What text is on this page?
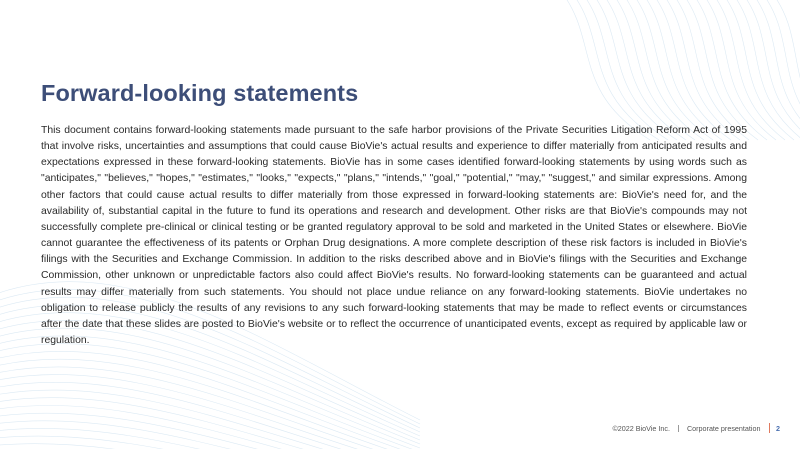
Forward-looking statements

This document contains forward-looking statements made pursuant to the safe harbor provisions of the Private Securities Litigation Reform Act of 1995 that involve risks, uncertainties and assumptions that could cause BioVie's actual results and experience to differ materially from anticipated results and expectations expressed in these forward-looking statements. BioVie has in some cases identified forward-looking statements by using words such as "anticipates," "believes," "hopes," "estimates," "looks," "expects," "plans," "intends," "goal," "potential," "may," "suggest," and similar expressions. Among other factors that could cause actual results to differ materially from those expressed in forward-looking statements are: BioVie's need for, and the availability of, substantial capital in the future to fund its operations and research and development. Other risks are that BioVie's compounds may not successfully complete pre-clinical or clinical testing or be granted regulatory approval to be sold and marketed in the United States or elsewhere. BioVie cannot guarantee the effectiveness of its patents or Orphan Drug designations. A more complete description of these risk factors is included in BioVie's filings with the Securities and Exchange Commission. In addition to the risks described above and in BioVie's filings with the Securities and Exchange Commission, other unknown or unpredictable factors also could affect BioVie's results. No forward-looking statements can be guaranteed and actual results may differ materially from such statements. You should not place undue reliance on any forward-looking statements. BioVie undertakes no obligation to release publicly the results of any revisions to any such forward-looking statements that may be made to reflect events or circumstances after the date that these slides are posted to BioVie's website or to reflect the occurrence of unanticipated events, except as required by applicable law or regulation.

©2022 BioVie Inc. Corporate presentation 2
